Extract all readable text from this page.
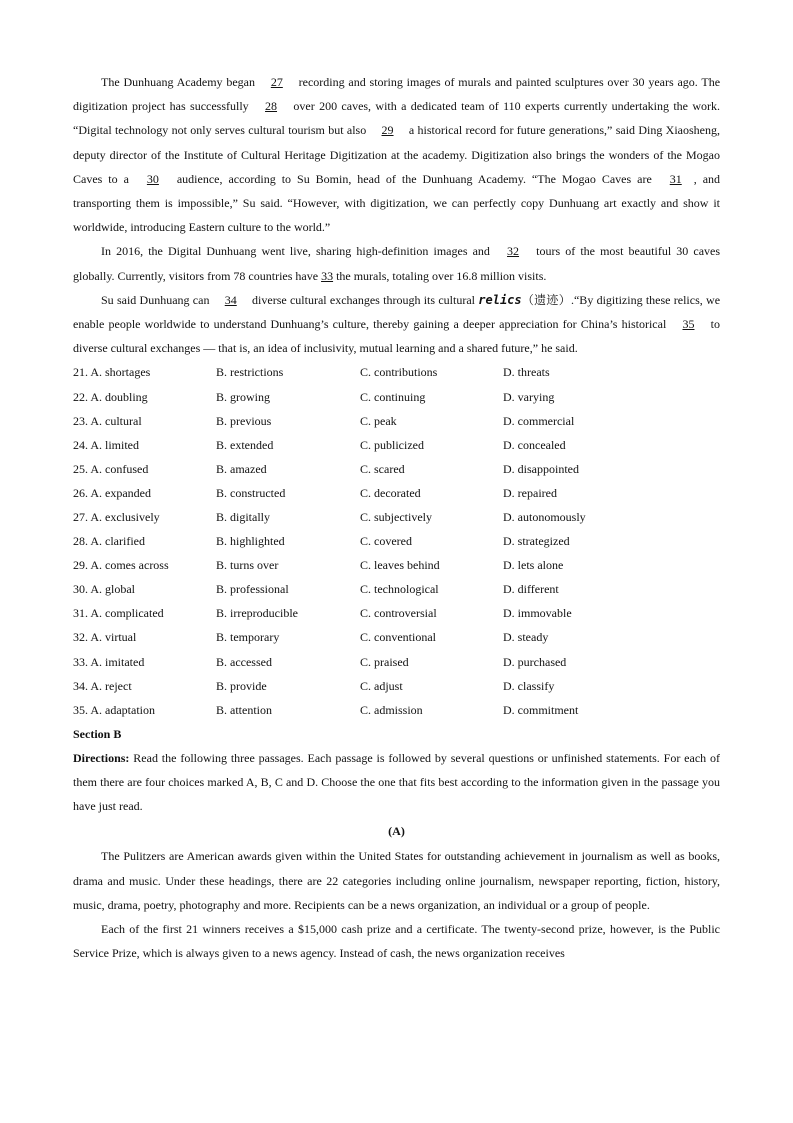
The Dunhuang Academy began 27 recording and storing images of murals and painted sculptures over 30 years ago. The digitization project has successfully 28 over 200 caves, with a dedicated team of 110 experts currently undertaking the work. “Digital technology not only serves cultural tourism but also 29 a historical record for future generations,” said Ding Xiaosheng, deputy director of the Institute of Cultural Heritage Digitization at the academy. Digitization also brings the wonders of the Mogao Caves to a 30 audience, according to Su Bomin, head of the Dunhuang Academy. “The Mogao Caves are 31 , and transporting them is impossible,” Su said. “However, with digitization, we can perfectly copy Dunhuang art exactly and show it worldwide, introducing Eastern culture to the world.”

In 2016, the Digital Dunhuang went live, sharing high-definition images and 32 tours of the most beautiful 30 caves globally. Currently, visitors from 78 countries have 33 the murals, totaling over 16.8 million visits.

Su said Dunhuang can 34 diverse cultural exchanges through its cultural relics（遗迹）.“By digitizing these relics, we enable people worldwide to understand Dunhuang’s culture, thereby gaining a deeper appreciation for China’s historical 35 to diverse cultural exchanges — that is, an idea of inclusivity, mutual learning and a shared future,” he said.

21. A. shortages	B. restrictions	C. contributions	D. threats
22. A. doubling	B. growing	C. continuing	D. varying
23. A. cultural	B. previous	C. peak	D. commercial
24. A. limited	B. extended	C. publicized	D. concealed
25. A. confused	B. amazed	C. scared	D. disappointed
26. A. expanded	B. constructed	C. decorated	D. repaired
27. A. exclusively	B. digitally	C. subjectively	D. autonomously
28. A. clarified	B. highlighted	C. covered	D. strategized
29. A. comes across	B. turns over	C. leaves behind	D. lets alone
30. A. global	B. professional	C. technological	D. different
31. A. complicated	B. irreproducible	C. controversial	D. immovable
32. A. virtual	B. temporary	C. conventional	D. steady
33. A. imitated	B. accessed	C. praised	D. purchased
34. A. reject	B. provide	C. adjust	D. classify
35. A. adaptation	B. attention	C. admission	D. commitment
Section B

Directions: Read the following three passages. Each passage is followed by several questions or unfinished statements. For each of them there are four choices marked A, B, C and D. Choose the one that fits best according to the information given in the passage you have just read.

(A)

The Pulitzers are American awards given within the United States for outstanding achievement in journalism as well as books, drama and music. Under these headings, there are 22 categories including online journalism, newspaper reporting, fiction, history, music, drama, poetry, photography and more. Recipients can be a news organization, an individual or a group of people.

Each of the first 21 winners receives a $15,000 cash prize and a certificate. The twenty-second prize, however, is the Public Service Prize, which is always given to a news agency. Instead of cash, the news organization receives
